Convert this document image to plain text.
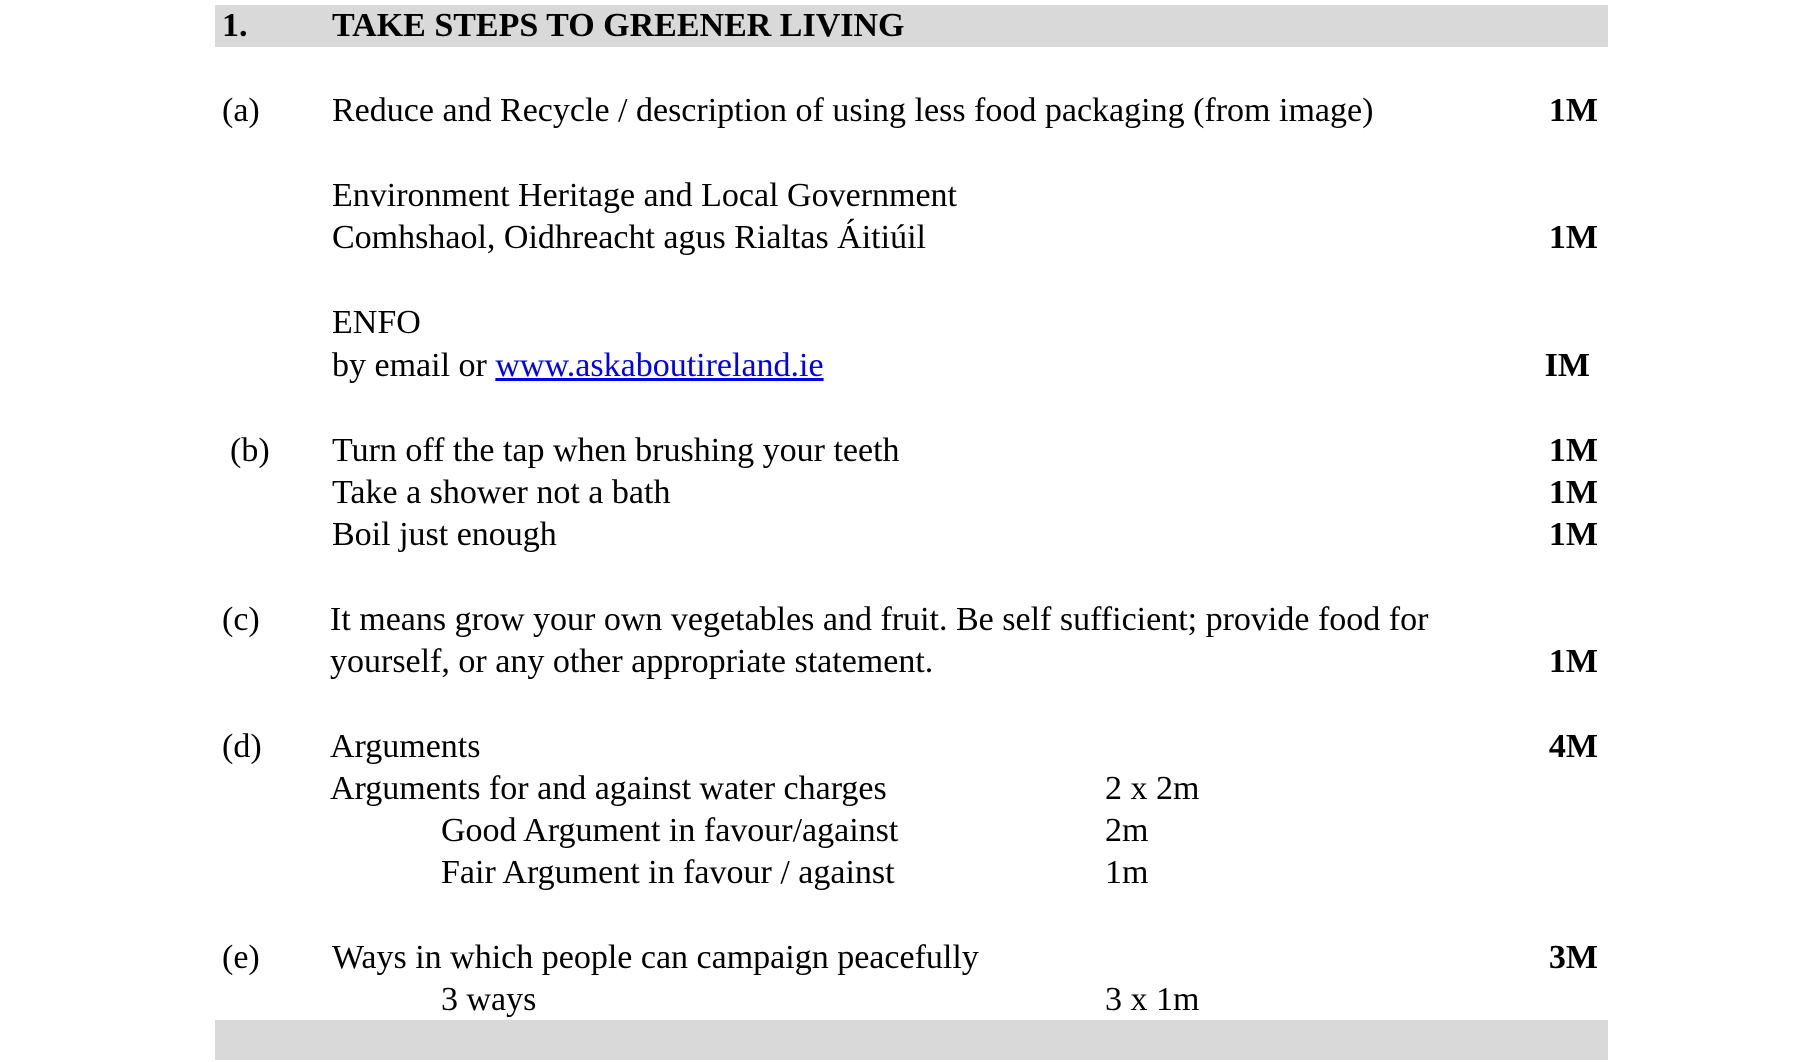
1. TAKE STEPS TO GREENER LIVING
(a) Reduce and Recycle / description of using less food packaging (from image)	1M
Environment Heritage and Local Government
Comhshaol, Oidhreacht agus Rialtas Áitiúil	1M
ENFO
by email or www.askaboutireland.ie	IM
(b) Turn off the tap when brushing your teeth	1M
Take a shower not a bath	1M
Boil just enough	1M
(c) It means grow your own vegetables and fruit. Be self sufficient; provide food for
yourself, or any other appropriate statement.	1M
(d) Arguments	4M
Arguments for and against water charges	2 x 2m
Good Argument in favour/against	2m
Fair Argument in favour / against	1m
(e) Ways in which people can campaign peacefully	3M
3 ways	3 x 1m
